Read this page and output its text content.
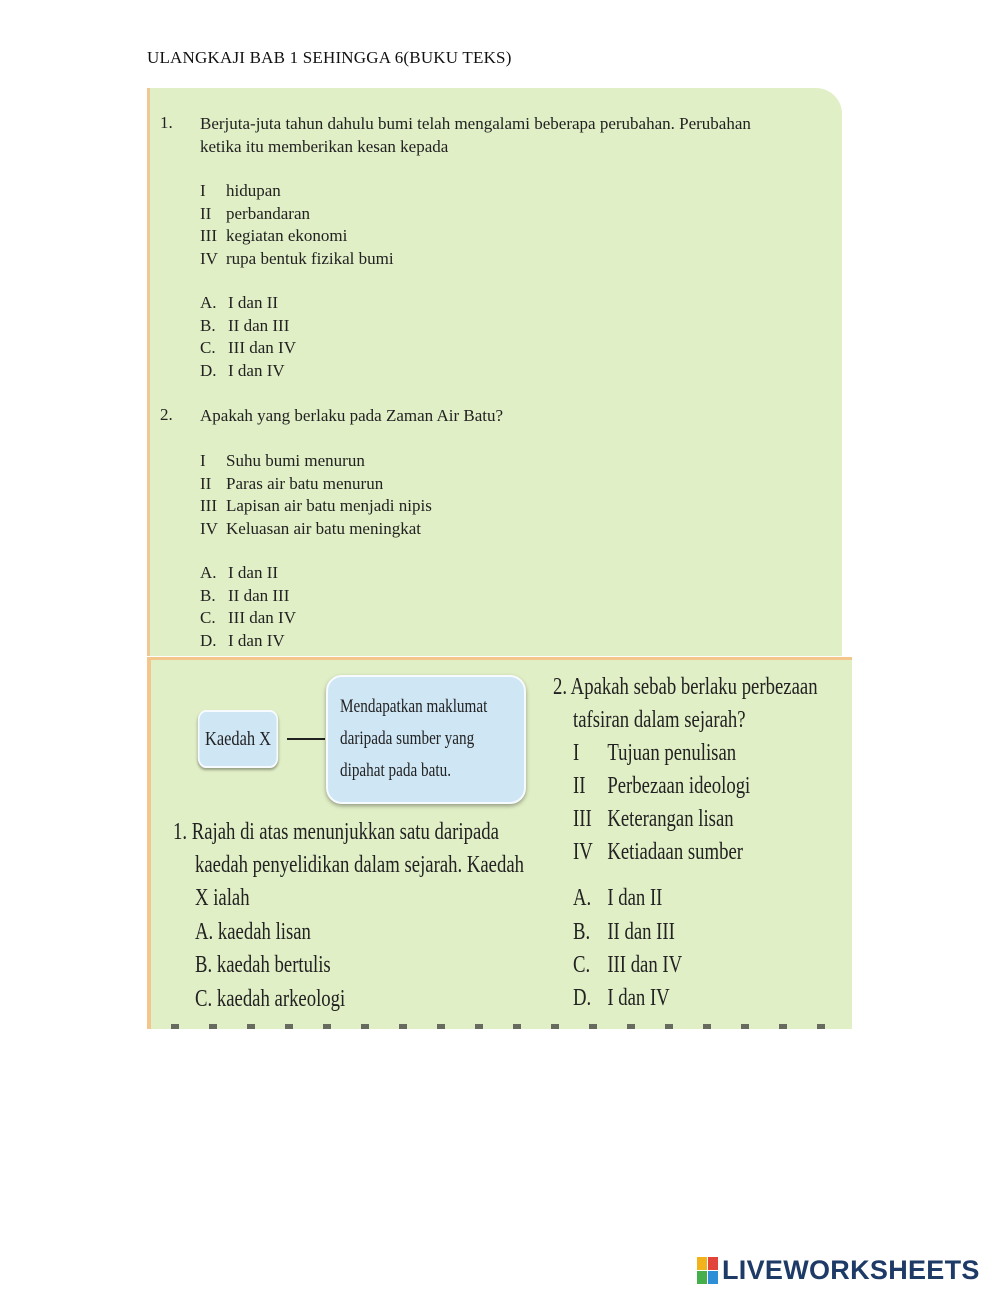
ULANGKAJI BAB 1 SEHINGGA 6(BUKU TEKS)
1. Berjuta-juta tahun dahulu bumi telah mengalami beberapa perubahan. Perubahan
ketika itu memberikan kesan kepada
I hidupan
II perbandaran
III kegiatan ekonomi
IV rupa bentuk fizikal bumi
A. I dan II
B. II dan III
C. III dan IV
D. I dan IV
2. Apakah yang berlaku pada Zaman Air Batu?
I Suhu bumi menurun
II Paras air batu menurun
III Lapisan air batu menjadi nipis
IV Keluasan air batu meningkat
A. I dan II
B. II dan III
C. III dan IV
D. I dan IV
Kaedah X
Mendapatkan maklumat
daripada sumber yang
dipahat pada batu.
1. Rajah di atas menunjukkan satu daripada
kaedah penyelidikan dalam sejarah. Kaedah
X ialah
A. kaedah lisan
B. kaedah bertulis
C. kaedah arkeologi
2. Apakah sebab berlaku perbezaan
tafsiran dalam sejarah?
I Tujuan penulisan
II Perbezaan ideologi
III Keterangan lisan
IV Ketiadaan sumber
A. I dan II
B. II dan III
C. III dan IV
D. I dan IV
LIVEWORKSHEETS
